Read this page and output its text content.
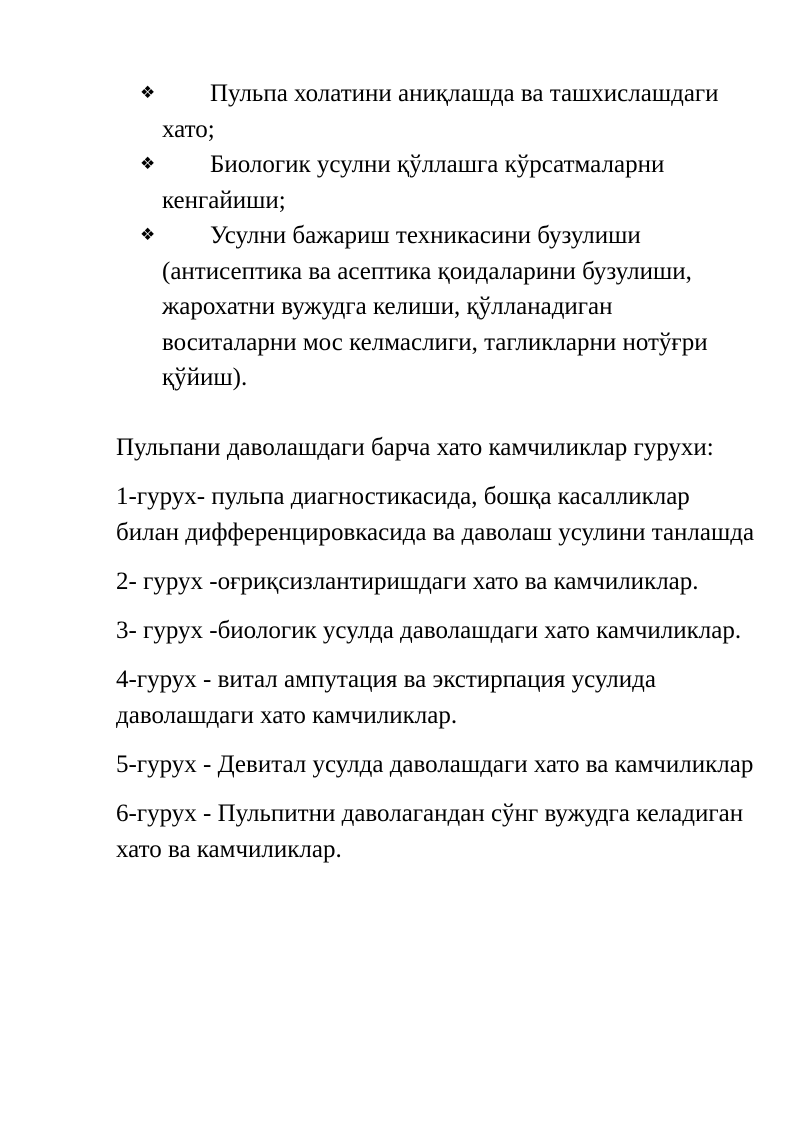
❖	Пульпа холатини аниқлашда ва ташхислашдаги хато;
❖	Биологик усулни қўллашга кўрсатмаларни кенгайиши;
❖	Усулни бажариш техникасини бузулиши (антисептика ва асептика қоидаларини бузулиши, жарохатни вужудга келиши, қўлланадиган воситаларни мос келмаслиги, тагликларни нотўғри қўйиш).

Пульпани даволашдаги барча хато камчиликлар гурухи:

1-гурух- пульпа диагностикасида, бошқа касалликлар билан дифференцировкасида ва даволаш усулини танлашда

2- гурух -оғриқсизлантиришдаги хато ва камчиликлар.

3- гурух -биологик усулда даволашдаги хато камчиликлар.

4-гурух - витал ампутация ва экстирпация усулида даволашдаги хато камчиликлар.

5-гурух - Девитал усулда даволашдаги хато ва камчиликлар

6-гурух - Пульпитни даволагандан сўнг вужудга келадиган хато ва камчиликлар.
